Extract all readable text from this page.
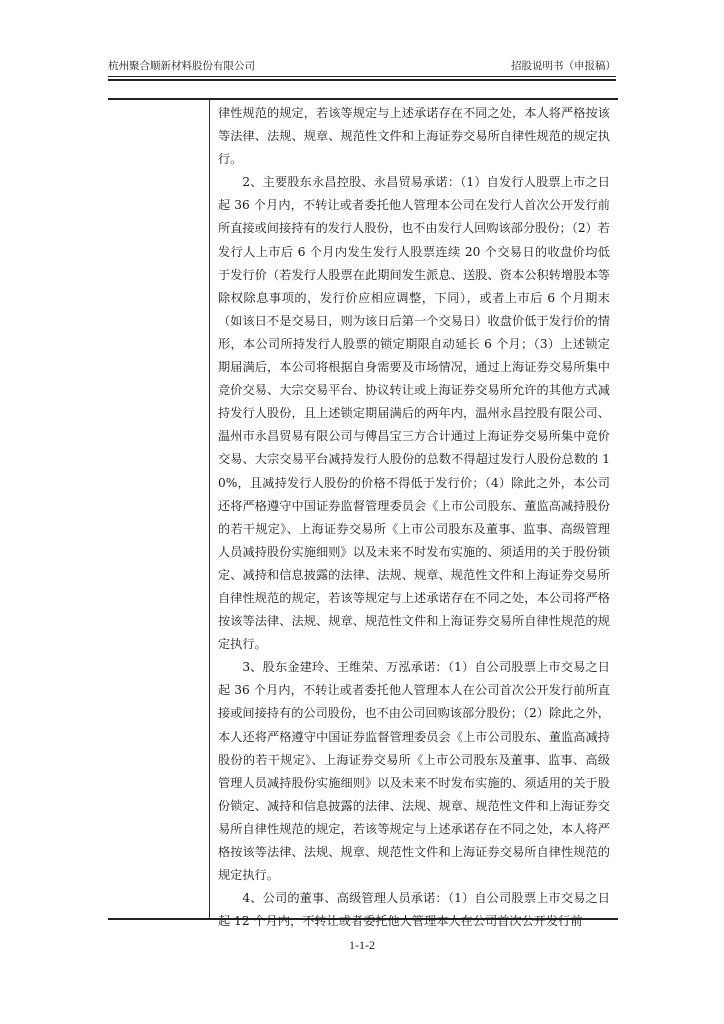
杭州聚合顺新材料股份有限公司	招股说明书（申报稿）

律性规范的规定，若该等规定与上述承诺存在不同之处，本人将严格按该等法律、法规、规章、规范性文件和上海证券交易所自律性规范的规定执行。

2、主要股东永昌控股、永昌贸易承诺：（1）自发行人股票上市之日起 36 个月内，不转让或者委托他人管理本公司在发行人首次公开发行前所直接或间接持有的发行人股份，也不由发行人回购该部分股份；（2）若发行人上市后 6 个月内发生发行人股票连续 20 个交易日的收盘价均低于发行价（若发行人股票在此期间发生派息、送股、资本公积转增股本等除权除息事项的，发行价应相应调整，下同），或者上市后 6 个月期末（如该日不是交易日，则为该日后第一个交易日）收盘价低于发行价的情形，本公司所持发行人股票的锁定期限自动延长 6 个月；（3）上述锁定期届满后，本公司将根据自身需要及市场情况，通过上海证券交易所集中竞价交易、大宗交易平台、协议转让或上海证券交易所允许的其他方式减持发行人股份，且上述锁定期届满后的两年内，温州永昌控股有限公司、温州市永昌贸易有限公司与傅昌宝三方合计通过上海证券交易所集中竞价交易、大宗交易平台减持发行人股份的总数不得超过发行人股份总数的 10%，且减持发行人股份的价格不得低于发行价；（4）除此之外，本公司还将严格遵守中国证券监督管理委员会《上市公司股东、董监高减持股份的若干规定》、上海证券交易所《上市公司股东及董事、监事、高级管理人员减持股份实施细则》以及未来不时发布实施的、须适用的关于股份锁定、减持和信息披露的法律、法规、规章、规范性文件和上海证券交易所自律性规范的规定，若该等规定与上述承诺存在不同之处，本公司将严格按该等法律、法规、规章、规范性文件和上海证券交易所自律性规范的规定执行。

3、股东金建玲、王维荣、万泓承诺：（1）自公司股票上市交易之日起 36 个月内，不转让或者委托他人管理本人在公司首次公开发行前所直接或间接持有的公司股份，也不由公司回购该部分股份；（2）除此之外，本人还将严格遵守中国证券监督管理委员会《上市公司股东、董监高减持股份的若干规定》、上海证券交易所《上市公司股东及董事、监事、高级管理人员减持股份实施细则》以及未来不时发布实施的、须适用的关于股份锁定、减持和信息披露的法律、法规、规章、规范性文件和上海证券交易所自律性规范的规定，若该等规定与上述承诺存在不同之处，本人将严格按该等法律、法规、规章、规范性文件和上海证券交易所自律性规范的规定执行。

4、公司的董事、高级管理人员承诺：（1）自公司股票上市交易之日起 12 个月内，不转让或者委托他人管理本人在公司首次公开发行前

1-1-2
